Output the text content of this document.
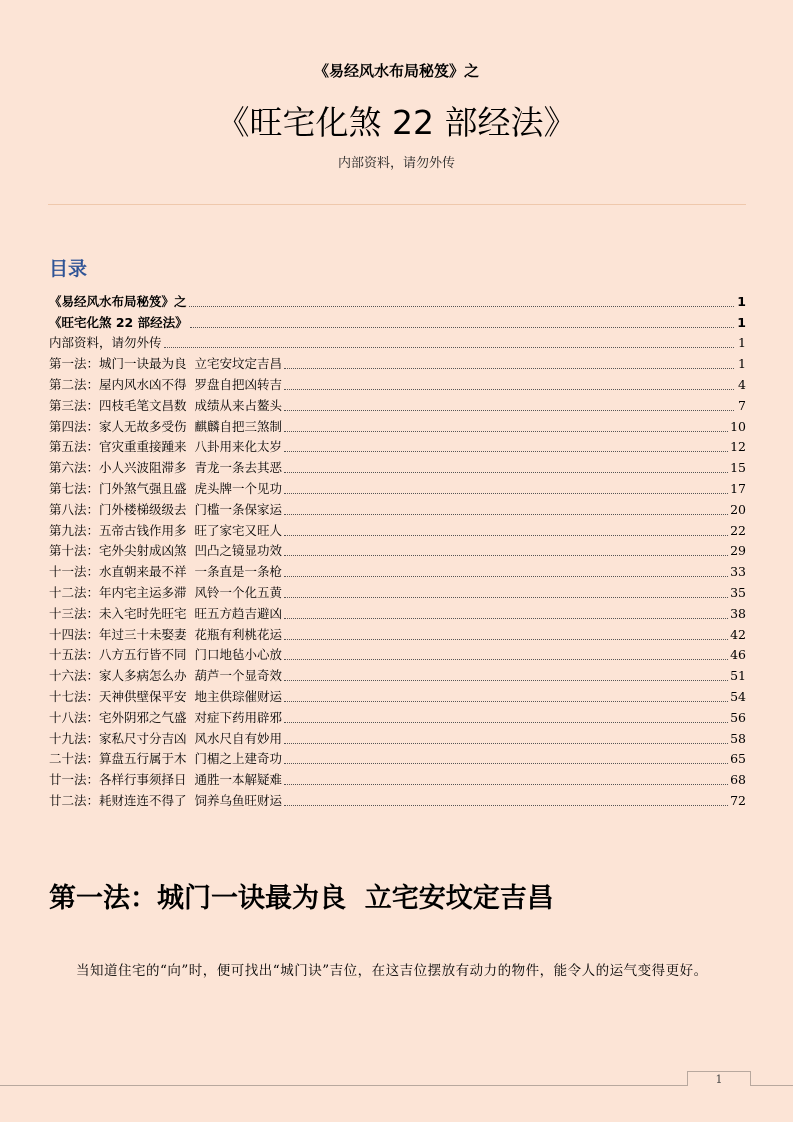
《易经风水布局秘笈》之
《旺宅化煞 22 部经法》
内部资料，请勿外传
目录
《易经风水布局秘笈》之	1
《旺宅化煞 22 部经法》	1
内部资料，请勿外传	1
第一法：城门一诀最为良  立宅安坟定吉昌	1
第二法：屋内风水凶不得  罗盘自把凶转吉	4
第三法：四枝毛笔文昌数  成绩从来占鳌头	7
第四法：家人无故多受伤  麒麟自把三煞制	10
第五法：官灾重重接踵来  八卦用来化太岁	12
第六法：小人兴波阻滞多  青龙一条去其恶	15
第七法：门外煞气强且盛  虎头牌一个见功	17
第八法：门外楼梯级级去  门槛一条保家运	20
第九法：五帝古钱作用多  旺了家宅又旺人	22
第十法：宅外尖射成凶煞  凹凸之镜显功效	29
十一法：水直朝来最不祥  一条直是一条枪	33
十二法：年内宅主运多滞  风铃一个化五黄	35
十三法：未入宅时先旺宅  旺五方趋吉避凶	38
十四法：年过三十未娶妻  花瓶有利桃花运	42
十五法：八方五行皆不同  门口地毡小心放	46
十六法：家人多病怎么办  葫芦一个显奇效	51
十七法：天神供壁保平安  地主供琮催财运	54
十八法：宅外阴邪之气盛  对症下药用辟邪	56
十九法：家私尺寸分吉凶  风水尺自有妙用	58
二十法：算盘五行属于木  门楣之上建奇功	65
廿一法：各样行事须择日  通胜一本解疑难	68
廿二法：耗财连连不得了  饲养乌鱼旺财运	72
第一法：城门一诀最为良  立宅安坟定吉昌

当知道住宅的“向”时，便可找出“城门诀”吉位，在这吉位摆放有动力的物件，能令人的运气变得更好。

1
